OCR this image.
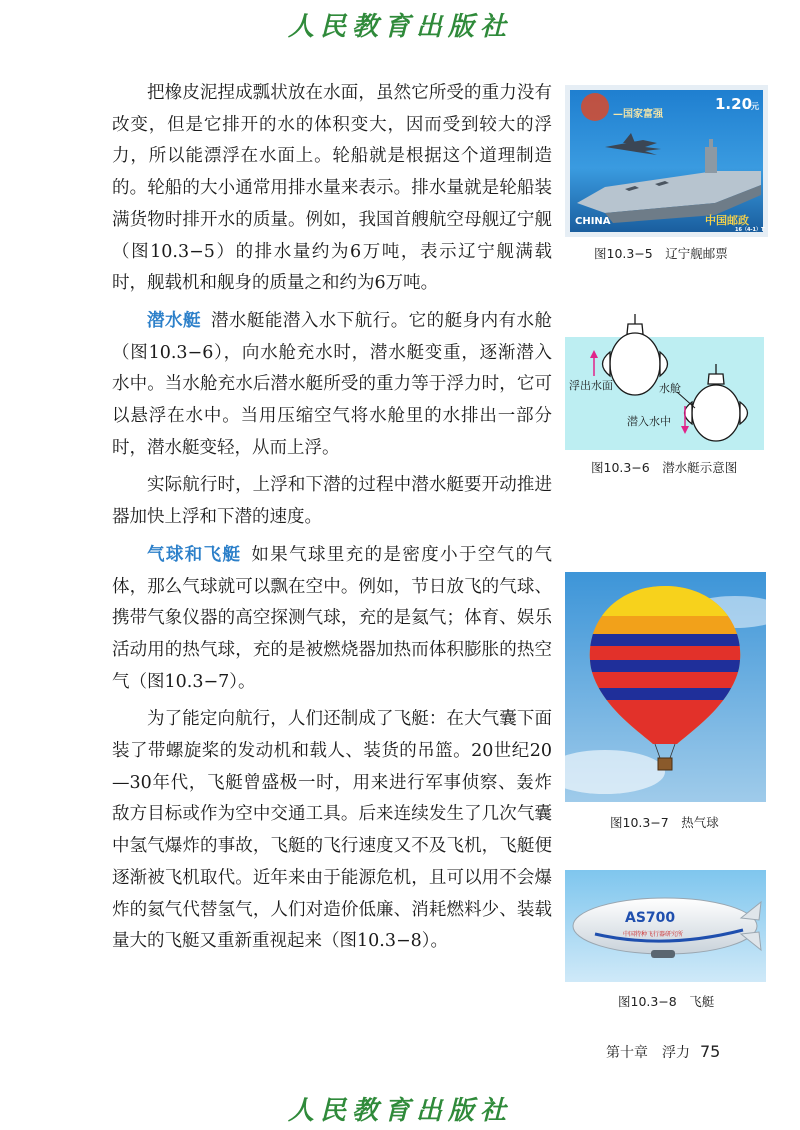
人民教育出版社

把橡皮泥捏成瓢状放在水面，虽然它所受的重力没有改变，但是它排开的水的体积变大，因而受到较大的浮力，所以能漂浮在水面上。轮船就是根据这个道理制造的。轮船的大小通常用排水量来表示。排水量就是轮船装满货物时排开水的质量。例如，我国首艘航空母舰辽宁舰（图10.3−5）的排水量约为6万吨，表示辽宁舰满载时，舰载机和舰身的质量之和约为6万吨。

潜水艇 潜水艇能潜入水下航行。它的艇身内有水舱（图10.3−6），向水舱充水时，潜水艇变重，逐渐潜入水中。当水舱充水后潜水艇所受的重力等于浮力时，它可以悬浮在水中。当用压缩空气将水舱里的水排出一部分时，潜水艇变轻，从而上浮。

实际航行时，上浮和下潜的过程中潜水艇要开动推进器加快上浮和下潜的速度。

气球和飞艇 如果气球里充的是密度小于空气的气体，那么气球就可以飘在空中。例如，节日放飞的气球、携带气象仪器的高空探测气球，充的是氦气；体育、娱乐活动用的热气球，充的是被燃烧器加热而体积膨胀的热空气（图10.3−7）。

为了能定向航行，人们还制成了飞艇：在大气囊下面装了带螺旋桨的发动机和载人、装货的吊篮。20世纪20—30年代，飞艇曾盛极一时，用来进行军事侦察、轰炸敌方目标或作为空中交通工具。后来连续发生了几次气囊中氢气爆炸的事故，飞艇的飞行速度又不及飞机，飞艇便逐渐被飞机取代。近年来由于能源危机，且可以用不会爆炸的氦气代替氢气，人们对造价低廉、消耗燃料少、装载量大的飞艇又重新重视起来（图10.3−8）。

—国家富强
1.20
元
CHINA	中国邮政
16（4-1）T
图10.3−5　辽宁舰邮票
浮出水面	水舱
潜入水中
图10.3−6　潜水艇示意图
图10.3−7　热气球
AS700
中国特种飞行器研究所
图10.3−8　飞艇
第十章　浮力 75
人民教育出版社
